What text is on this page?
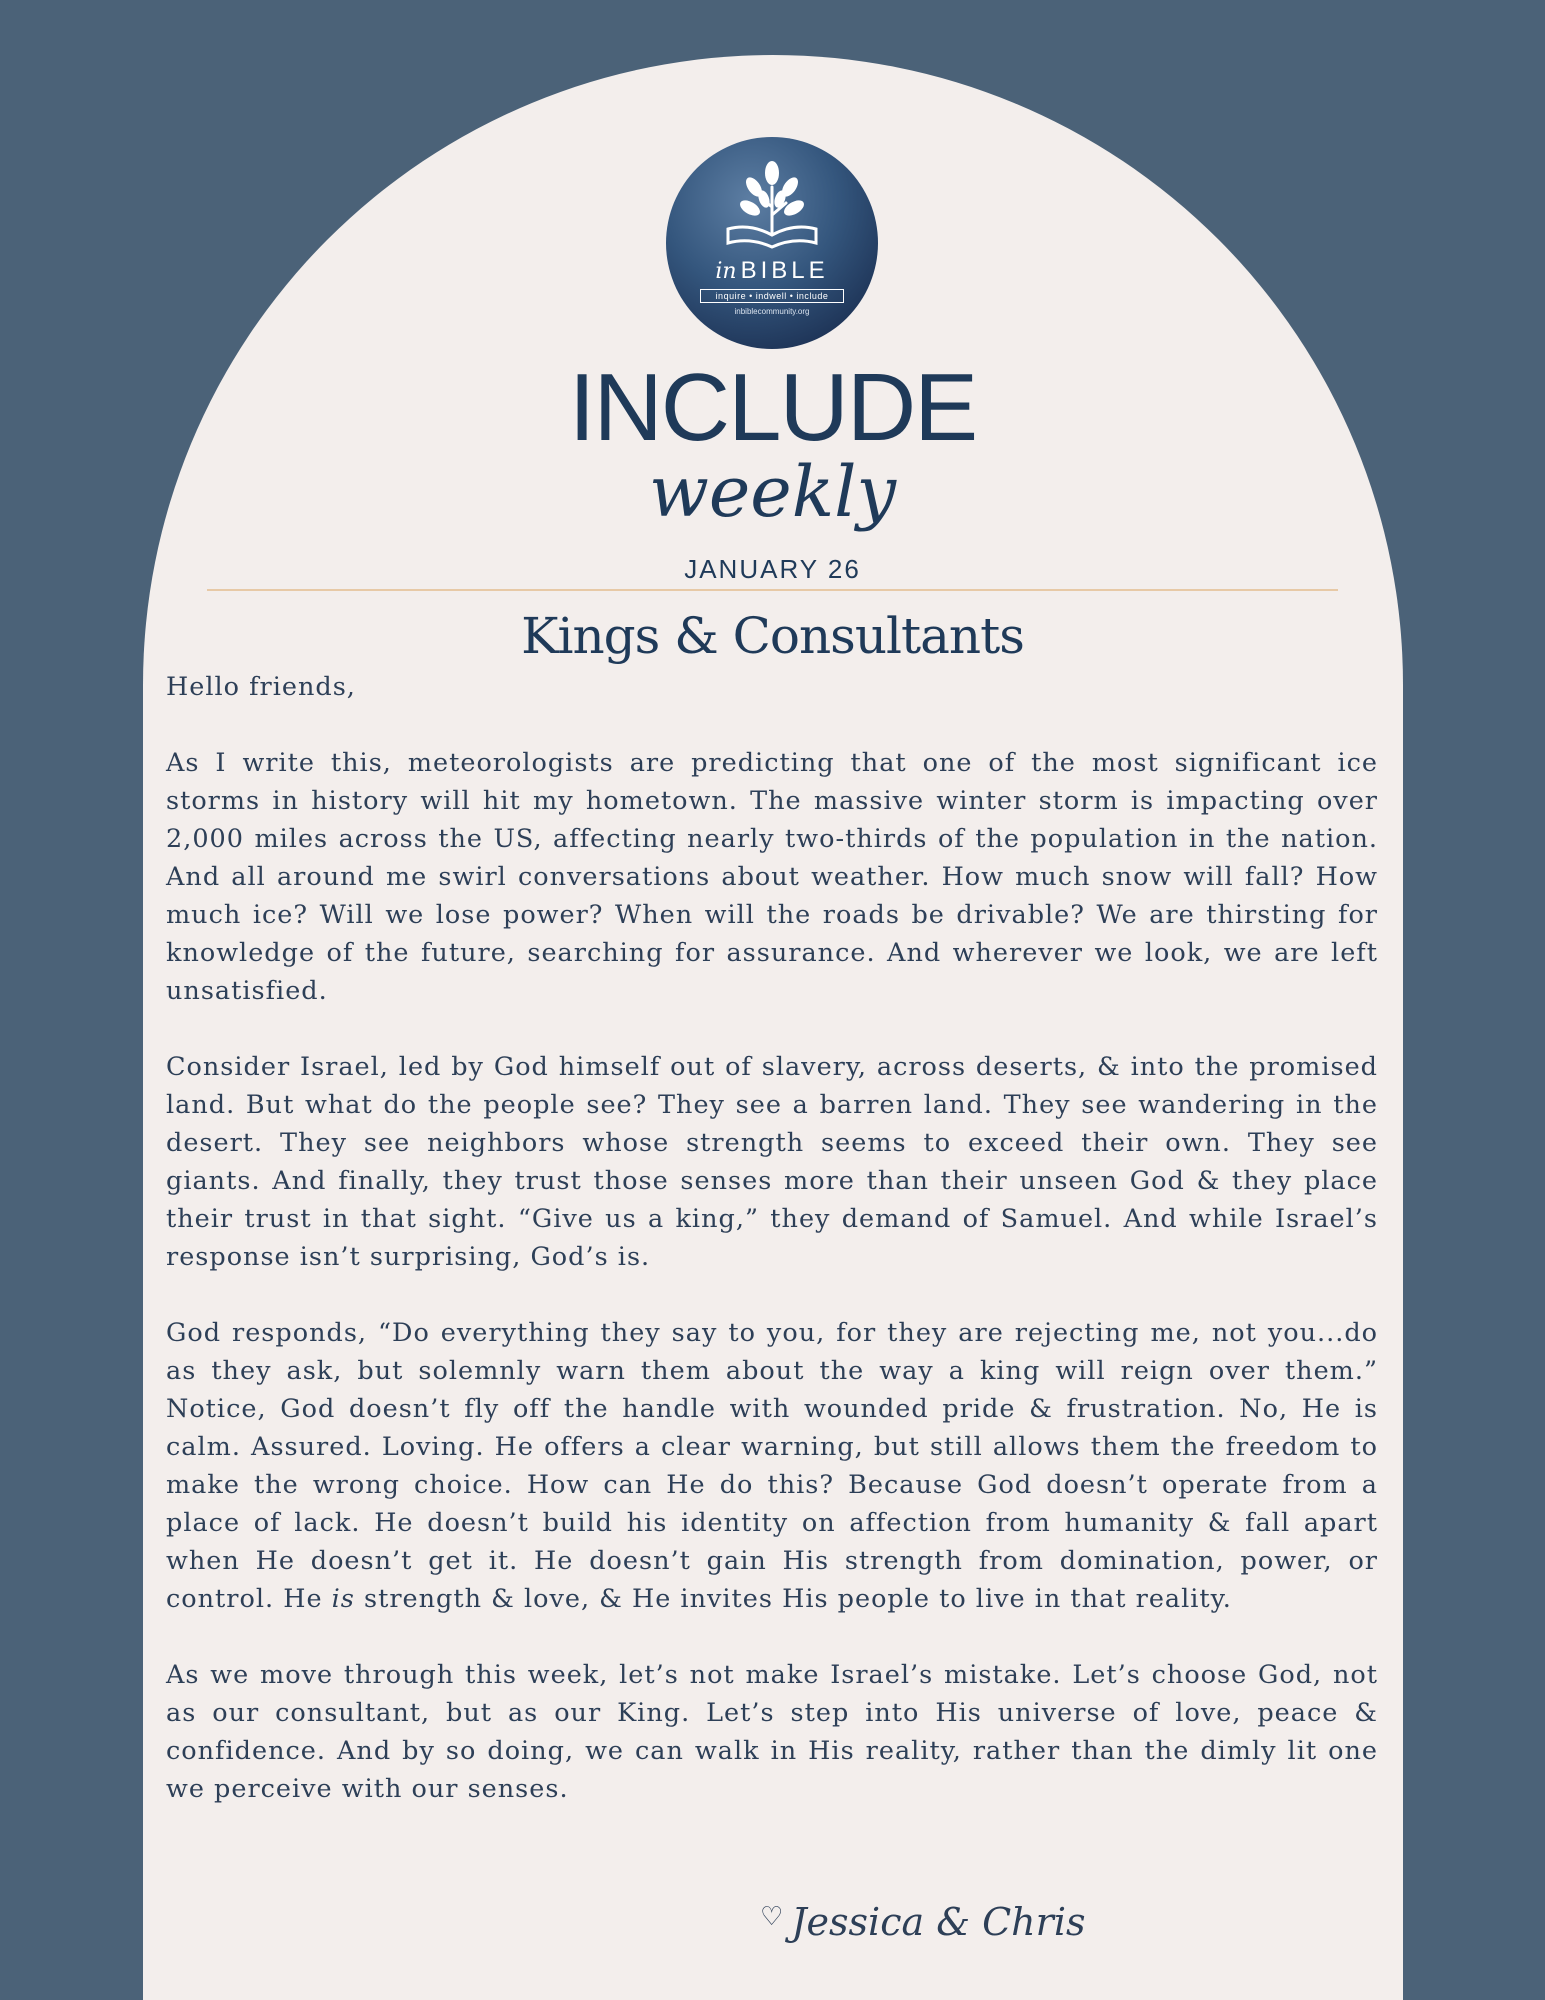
in BIBLE
inquire • indwell • include
inbiblecommunity.org
INCLUDE
weekly
JANUARY 26
Kings & Consultants

Hello friends,

As I write this, meteorologists are predicting that one of the most significant ice storms in history will hit my hometown. The massive winter storm is impacting over 2,000 miles across the US, affecting nearly two-thirds of the population in the nation. And all around me swirl conversations about weather. How much snow will fall? How much ice? Will we lose power? When will the roads be drivable? We are thirsting for knowledge of the future, searching for assurance. And wherever we look, we are left unsatisfied.

Consider Israel, led by God himself out of slavery, across deserts, & into the promised land. But what do the people see? They see a barren land. They see wandering in the desert. They see neighbors whose strength seems to exceed their own. They see giants. And finally, they trust those senses more than their unseen God & they place their trust in that sight. “Give us a king,” they demand of Samuel. And while Israel’s response isn’t surprising, God’s is.

God responds, “Do everything they say to you, for they are rejecting me, not you...do as they ask, but solemnly warn them about the way a king will reign over them.” Notice, God doesn’t fly off the handle with wounded pride & frustration. No, He is calm. Assured. Loving. He offers a clear warning, but still allows them the freedom to make the wrong choice. How can He do this? Because God doesn’t operate from a place of lack. He doesn’t build his identity on affection from humanity & fall apart when He doesn’t get it. He doesn’t gain His strength from domination, power, or control. He is strength & love, & He invites His people to live in that reality.

As we move through this week, let’s not make Israel’s mistake. Let’s choose God, not as our consultant, but as our King. Let’s step into His universe of love, peace & confidence. And by so doing, we can walk in His reality, rather than the dimly lit one we perceive with our senses.

♡ Jessica & Chris
